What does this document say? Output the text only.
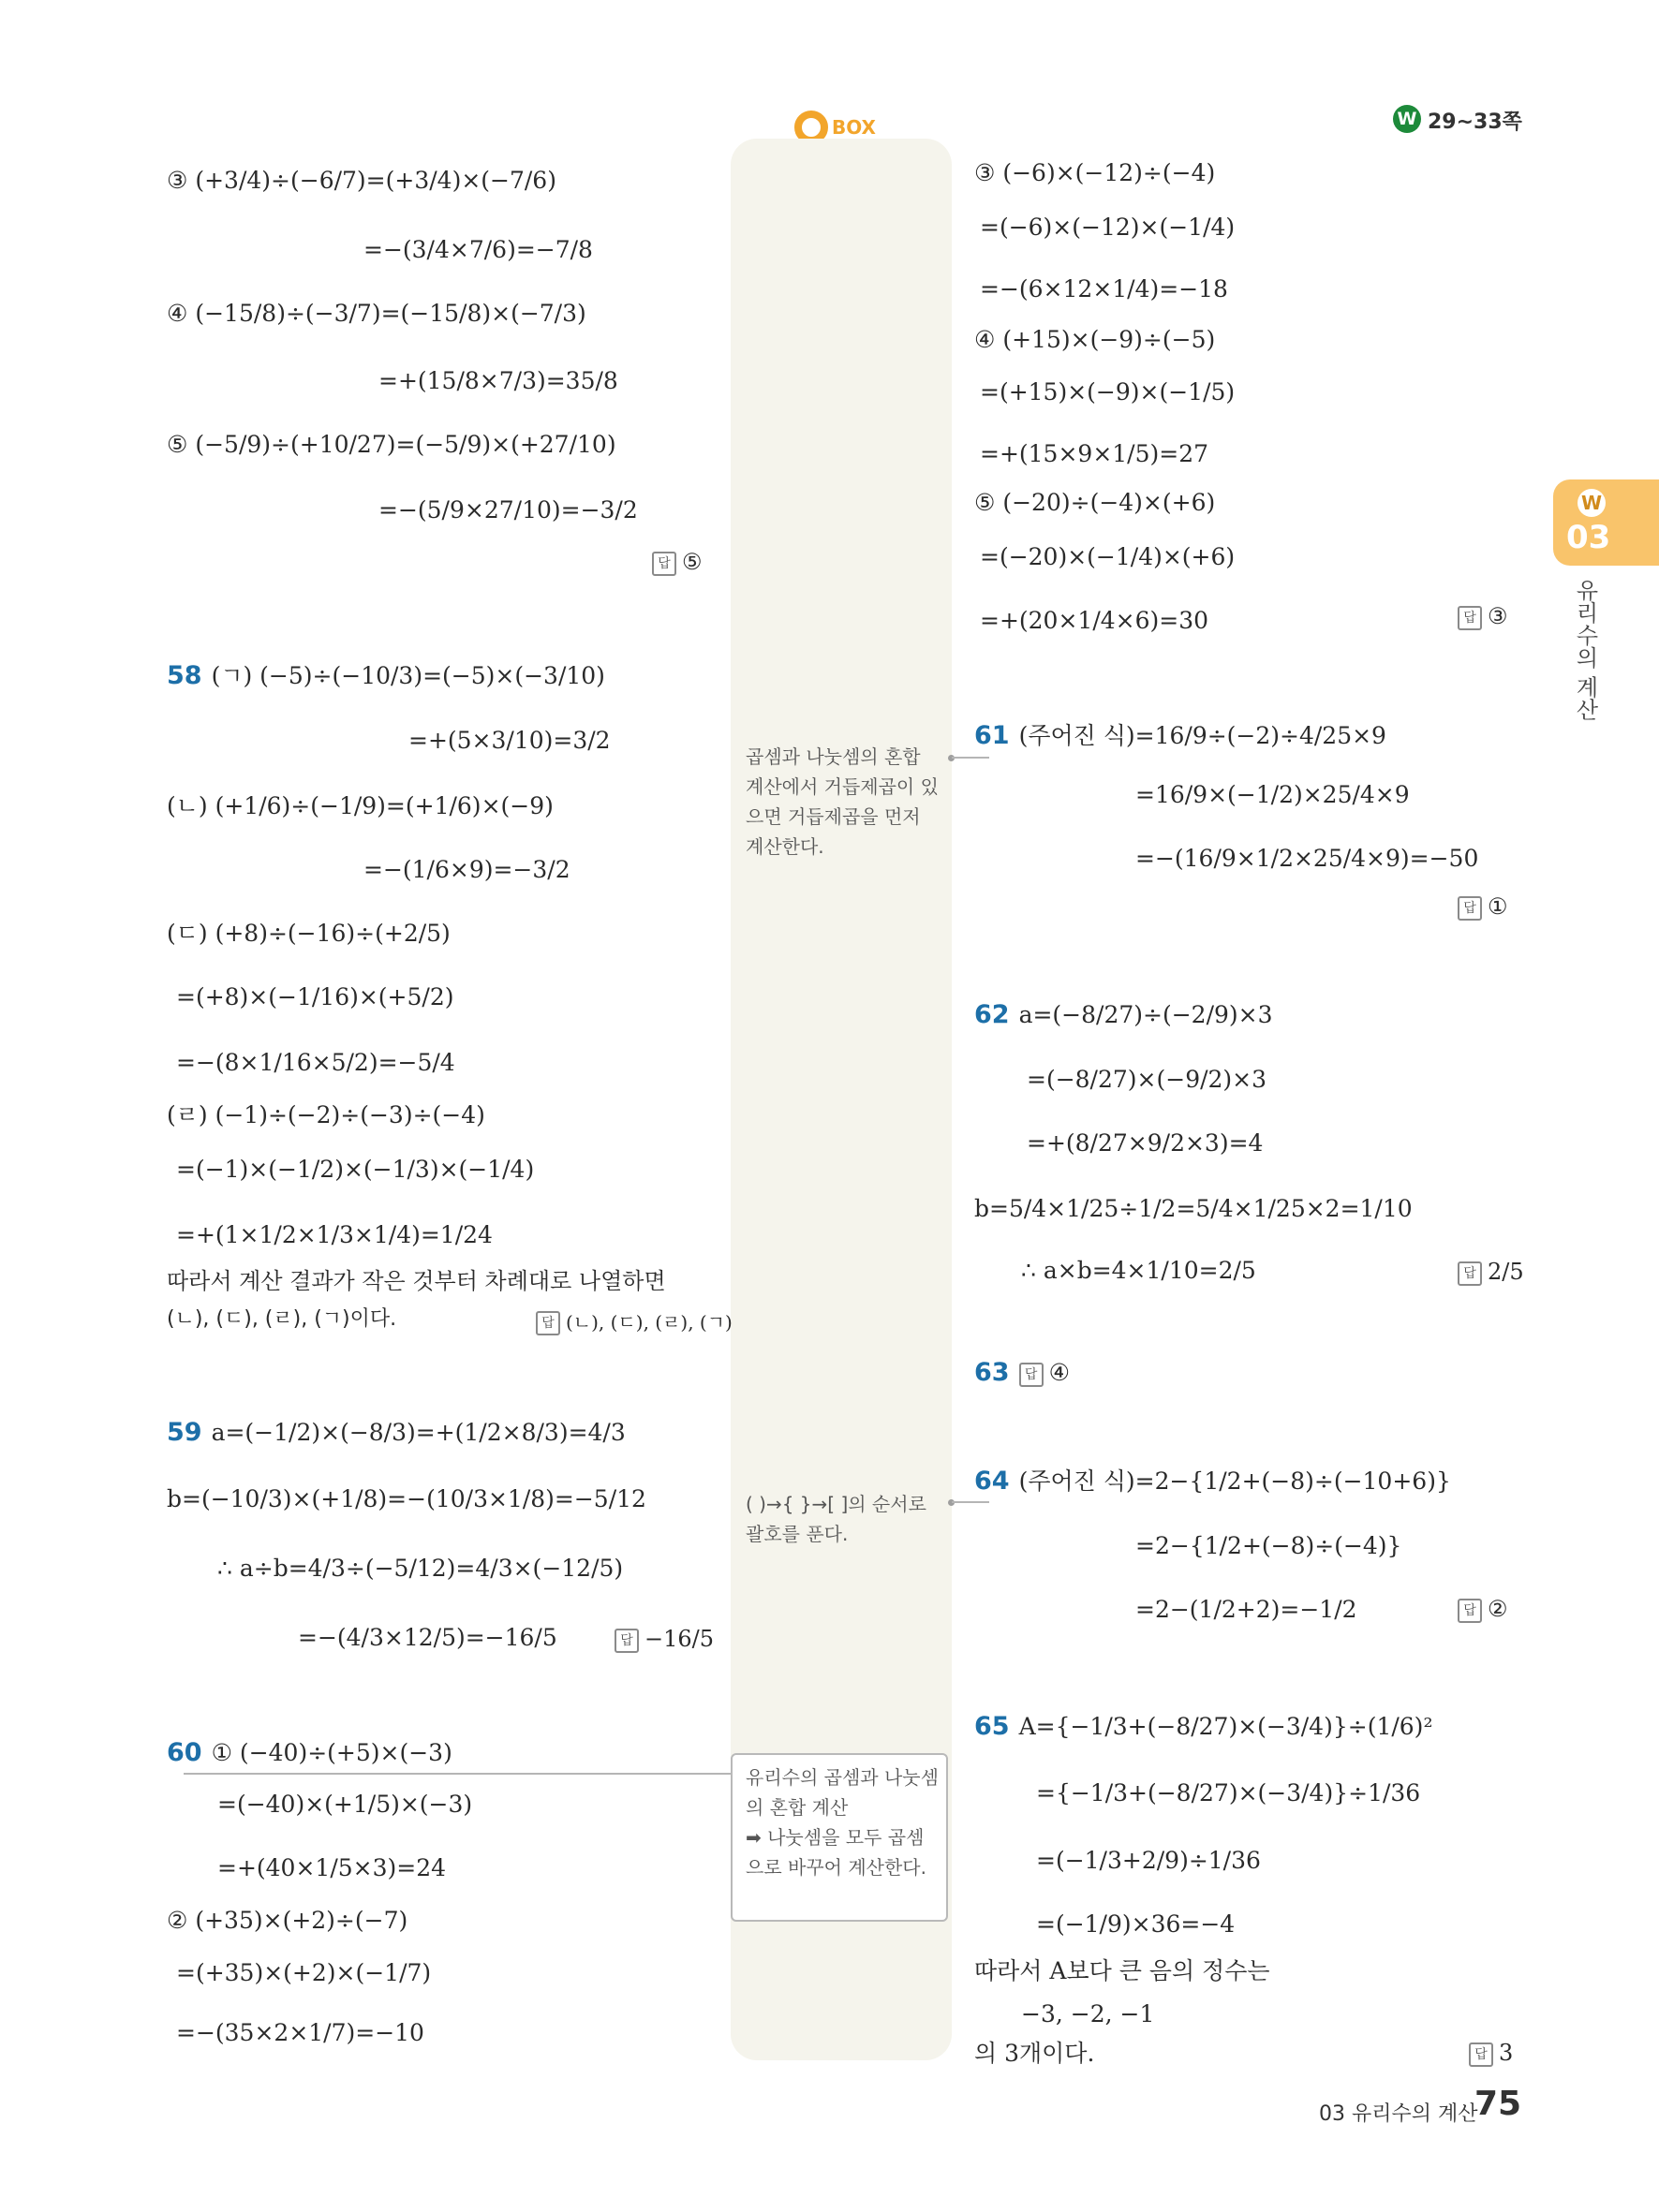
BOX	W 29~33쪽
W
03
유리수의 계산
③ (+3/4)÷(−6/7)=(+3/4)×(−7/6)
=−(3/4×7/6)=−7/8
④ (−15/8)÷(−3/7)=(−15/8)×(−7/3)
=+(15/8×7/3)=35/8
⑤ (−5/9)÷(+10/27)=(−5/9)×(+27/10)
=−(5/9×27/10)=−3/2
답 ⑤
58 (ㄱ) (−5)÷(−10/3)=(−5)×(−3/10)
=+(5×3/10)=3/2
(ㄴ) (+1/6)÷(−1/9)=(+1/6)×(−9)
=−(1/6×9)=−3/2
(ㄷ) (+8)÷(−16)÷(+2/5)
=(+8)×(−1/16)×(+5/2)
=−(8×1/16×5/2)=−5/4
(ㄹ) (−1)÷(−2)÷(−3)÷(−4)
=(−1)×(−1/2)×(−1/3)×(−1/4)
=+(1×1/2×1/3×1/4)=1/24
따라서 계산 결과가 작은 것부터 차례대로 나열하면
(ㄴ), (ㄷ), (ㄹ), (ㄱ)이다.	답 (ㄴ), (ㄷ), (ㄹ), (ㄱ)
59 a=(−1/2)×(−8/3)=+(1/2×8/3)=4/3
b=(−10/3)×(+1/8)=−(10/3×1/8)=−5/12
∴ a÷b=4/3÷(−5/12)=4/3×(−12/5)
=−(4/3×12/5)=−16/5	답 −16/5
60 ① (−40)÷(+5)×(−3)
=(−40)×(+1/5)×(−3)
=+(40×1/5×3)=24
② (+35)×(+2)÷(−7)
=(+35)×(+2)×(−1/7)
=−(35×2×1/7)=−10
곱셈과 나눗셈의 혼합 계산에서 거듭제곱이 있으면 거듭제곱을 먼저 계산한다.
( )→{ }→[ ]의 순서로 괄호를 푼다.
유리수의 곱셈과 나눗셈의 혼합 계산
➡ 나눗셈을 모두 곱셈으로 바꾸어 계산한다.
③ (−6)×(−12)÷(−4)
=(−6)×(−12)×(−1/4)
=−(6×12×1/4)=−18
④ (+15)×(−9)÷(−5)
=(+15)×(−9)×(−1/5)
=+(15×9×1/5)=27
⑤ (−20)÷(−4)×(+6)
=(−20)×(−1/4)×(+6)
=+(20×1/4×6)=30	답 ③
61 (주어진 식)=16/9÷(−2)÷4/25×9
=16/9×(−1/2)×25/4×9
=−(16/9×1/2×25/4×9)=−50
답 ①
62 a=(−8/27)÷(−2/9)×3
=(−8/27)×(−9/2)×3
=+(8/27×9/2×3)=4
b=5/4×1/25÷1/2=5/4×1/25×2=1/10
∴ a×b=4×1/10=2/5	답 2/5
63 답 ④
64 (주어진 식)=2−{1/2+(−8)÷(−10+6)}
=2−{1/2+(−8)÷(−4)}
=2−(1/2+2)=−1/2	답 ②
65 A={−1/3+(−8/27)×(−3/4)}÷(1/6)²
={−1/3+(−8/27)×(−3/4)}÷1/36
=(−1/3+2/9)÷1/36
=(−1/9)×36=−4
따라서 A보다 큰 음의 정수는
−3, −2, −1
의 3개이다.	답 3
03 유리수의 계산
75
